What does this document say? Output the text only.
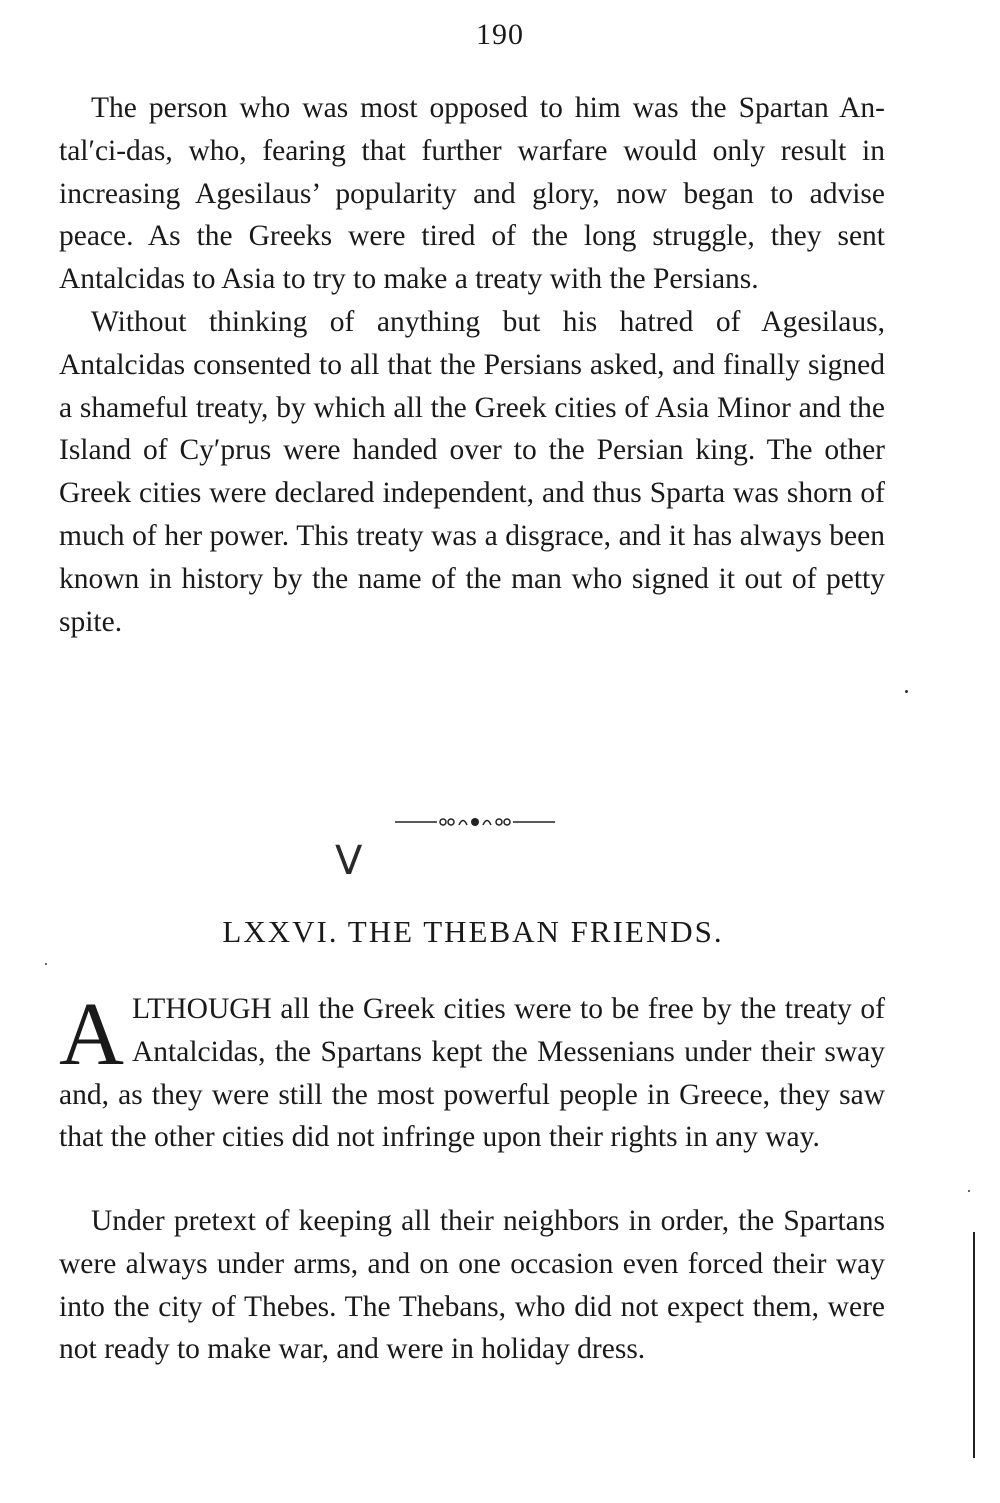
190

The person who was most opposed to him was the Spartan An-tal′ci-das, who, fearing that further warfare would only result in increasing Agesilaus’ popularity and glory, now began to advise peace. As the Greeks were tired of the long struggle, they sent Antalcidas to Asia to try to make a treaty with the Persians.

Without thinking of anything but his hatred of Agesilaus, Antalcidas consented to all that the Persians asked, and finally signed a shameful treaty, by which all the Greek cities of Asia Minor and the Island of Cy′prus were handed over to the Persian king. The other Greek cities were declared independent, and thus Sparta was shorn of much of her power. This treaty was a disgrace, and it has always been known in history by the name of the man who signed it out of petty spite.

V
LXXVI. THE THEBAN FRIENDS.

A LTHOUGH all the Greek cities were to be free by the treaty of Antalcidas, the Spartans kept the Messenians under their sway and, as they were still the most powerful people in Greece, they saw that the other cities did not infringe upon their rights in any way.

Under pretext of keeping all their neighbors in order, the Spartans were always under arms, and on one occasion even forced their way into the city of Thebes. The Thebans, who did not expect them, were not ready to make war, and were in holiday dress.
